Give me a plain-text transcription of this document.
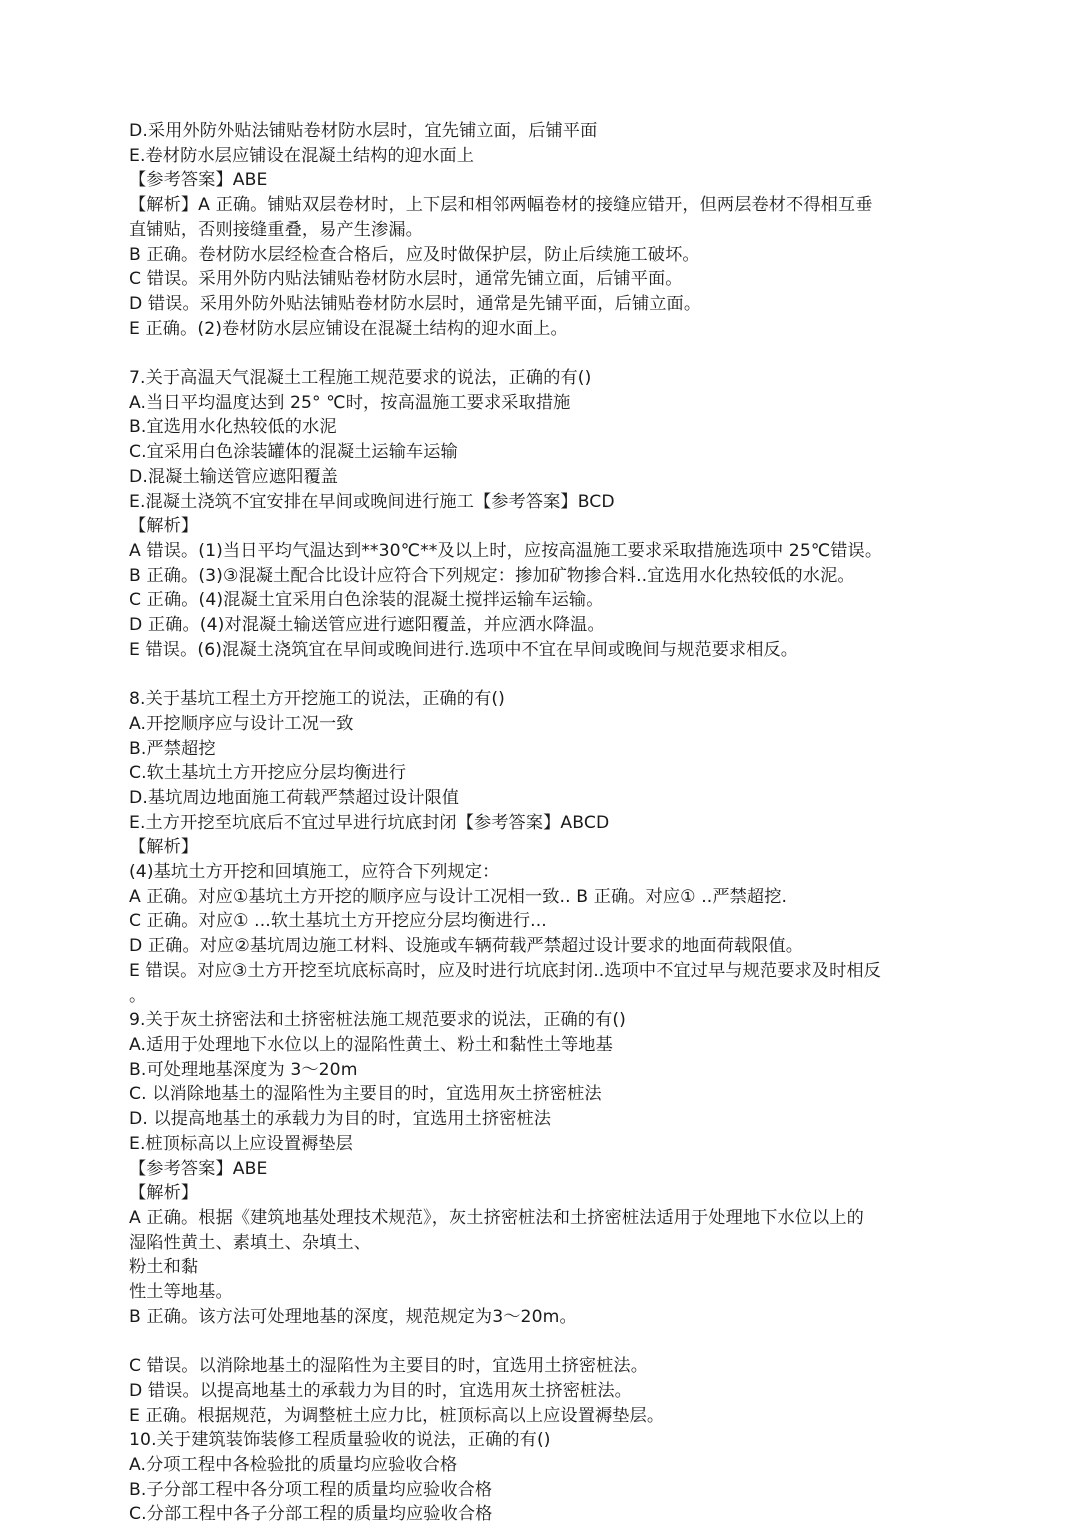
D.采用外防外贴法铺贴卷材防水层时，宜先铺立面，后铺平面

E.卷材防水层应铺设在混凝土结构的迎水面上

【参考答案】ABE

【解析】A 正确。铺贴双层卷材时，上下层和相邻两幅卷材的接缝应错开，但两层卷材不得相互垂

直铺贴，否则接缝重叠，易产生渗漏。

B 正确。卷材防水层经检查合格后，应及时做保护层，防止后续施工破坏。

C 错误。采用外防内贴法铺贴卷材防水层时，通常先铺立面，后铺平面。

D 错误。采用外防外贴法铺贴卷材防水层时，通常是先铺平面，后铺立面。

E 正确。(2)卷材防水层应铺设在混凝土结构的迎水面上。

7.关于高温天气混凝土工程施工规范要求的说法，正确的有()

A.当日平均温度达到 25° ℃时，按高温施工要求采取措施

B.宜选用水化热较低的水泥

C.宜采用白色涂装罐体的混凝土运输车运输

D.混凝土输送管应遮阳覆盖

E.混凝土浇筑不宜安排在早间或晚间进行施工【参考答案】BCD

【解析】

A 错误。(1)当日平均气温达到**30℃**及以上时，应按高温施工要求采取措施选项中 25℃错误。

B 正确。(3)③混凝土配合比设计应符合下列规定：掺加矿物掺合料..宜选用水化热较低的水泥。

C 正确。(4)混凝土宜采用白色涂装的混凝土搅拌运输车运输。

D 正确。(4)对混凝土输送管应进行遮阳覆盖，并应洒水降温。

E 错误。(6)混凝土浇筑宜在早间或晚间进行.选项中不宜在早间或晚间与规范要求相反。

8.关于基坑工程土方开挖施工的说法，正确的有()

A.开挖顺序应与设计工况一致

B.严禁超挖

C.软土基坑土方开挖应分层均衡进行

D.基坑周边地面施工荷载严禁超过设计限值

E.土方开挖至坑底后不宜过早进行坑底封闭【参考答案】ABCD

【解析】

(4)基坑土方开挖和回填施工，应符合下列规定：

A 正确。对应①基坑土方开挖的顺序应与设计工况相一致.. B 正确。对应① ..严禁超挖.

C 正确。对应① ...软土基坑土方开挖应分层均衡进行...

D 正确。对应②基坑周边施工材料、设施或车辆荷载严禁超过设计要求的地面荷载限值。

E 错误。对应③土方开挖至坑底标高时，应及时进行坑底封闭..选项中不宜过早与规范要求及时相反

。

9.关于灰土挤密法和土挤密桩法施工规范要求的说法，正确的有()

A.适用于处理地下水位以上的湿陷性黄土、粉土和黏性土等地基

B.可处理地基深度为 3～20m

C. 以消除地基土的湿陷性为主要目的时，宜选用灰土挤密桩法

D. 以提高地基土的承载力为目的时，宜选用土挤密桩法

E.桩顶标高以上应设置褥垫层

【参考答案】ABE

【解析】

A 正确。根据《建筑地基处理技术规范》，灰土挤密桩法和土挤密桩法适用于处理地下水位以上的

湿陷性黄土、素填土、杂填土、

粉土和黏

性土等地基。

B 正确。该方法可处理地基的深度，规范规定为3～20m。

C 错误。以消除地基土的湿陷性为主要目的时，宜选用土挤密桩法。

D 错误。以提高地基土的承载力为目的时，宜选用灰土挤密桩法。

E 正确。根据规范，为调整桩土应力比，桩顶标高以上应设置褥垫层。

10.关于建筑装饰装修工程质量验收的说法，正确的有()

A.分项工程中各检验批的质量均应验收合格

B.子分部工程中各分项工程的质量均应验收合格

C.分部工程中各子分部工程的质量均应验收合格
